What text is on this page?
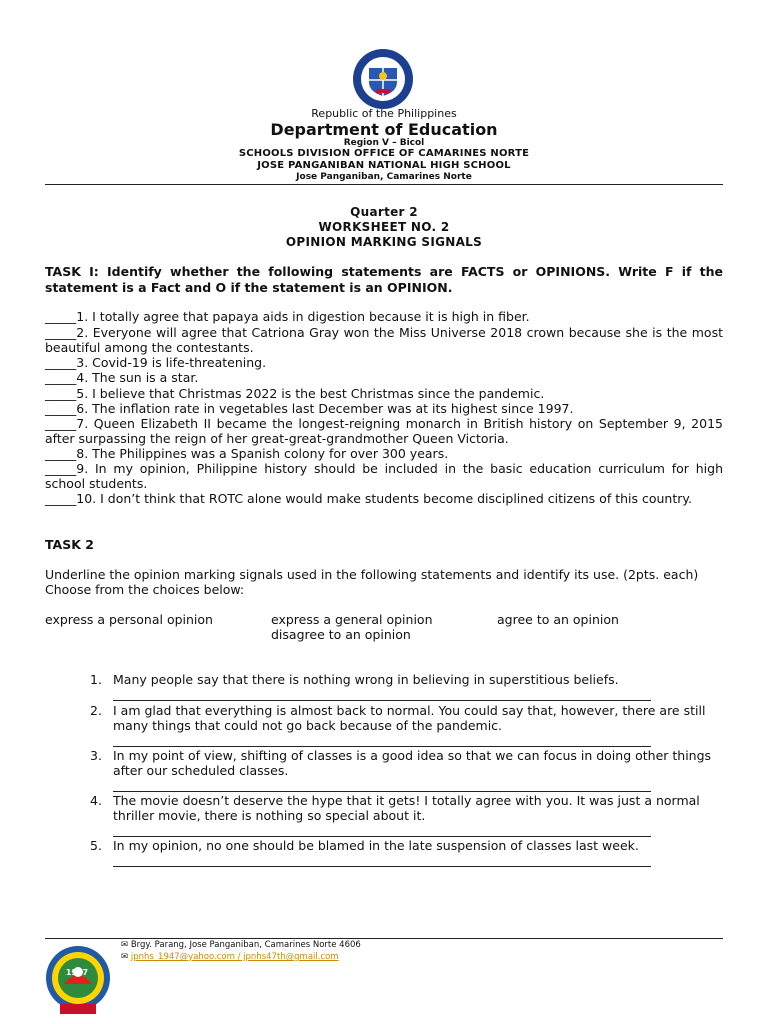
Republic of the Philippines
Department of Education
Region V – Bicol
SCHOOLS DIVISION OFFICE OF CAMARINES NORTE
JOSE PANGANIBAN NATIONAL HIGH SCHOOL
Jose Panganiban, Camarines Norte
Quarter 2
WORKSHEET NO. 2
OPINION MARKING SIGNALS
TASK I: Identify whether the following statements are FACTS or OPINIONS. Write F if the statement is a Fact and O if the statement is an OPINION.
_____1. I totally agree that papaya aids in digestion because it is high in fiber.
_____2. Everyone will agree that Catriona Gray won the Miss Universe 2018 crown because she is the most beautiful among the contestants.
_____3. Covid-19 is life-threatening.
_____4. The sun is a star.
_____5. I believe that Christmas 2022 is the best Christmas since the pandemic.
_____6. The inflation rate in vegetables last December was at its highest since 1997.
_____7. Queen Elizabeth II became the longest-reigning monarch in British history on September 9, 2015 after surpassing the reign of her great-great-grandmother Queen Victoria.
_____8. The Philippines was a Spanish colony for over 300 years.
_____9. In my opinion, Philippine history should be included in the basic education curriculum for high school students.
_____10. I don’t think that ROTC alone would make students become disciplined citizens of this country.
TASK 2
Underline the opinion marking signals used in the following statements and identify its use. (2pts. each) Choose from the choices below:
express a personal opinion	express a general opinion	agree to an opinion
disagree to an opinion
1. Many people say that there is nothing wrong in believing in superstitious beliefs.
2. I am glad that everything is almost back to normal. You could say that, however, there are still many things that could not go back because of the pandemic.
3. In my point of view, shifting of classes is a good idea so that we can focus in doing other things after our scheduled classes.
4. The movie doesn’t deserve the hype that it gets! I totally agree with you. It was just a normal thriller movie, there is nothing so special about it.
5. In my opinion, no one should be blamed in the late suspension of classes last week.
1947
✉ Brgy. Parang, Jose Panganiban, Camarines Norte 4606
✉ jpnhs_1947@yahoo.com / jpnhs47th@gmail.com
